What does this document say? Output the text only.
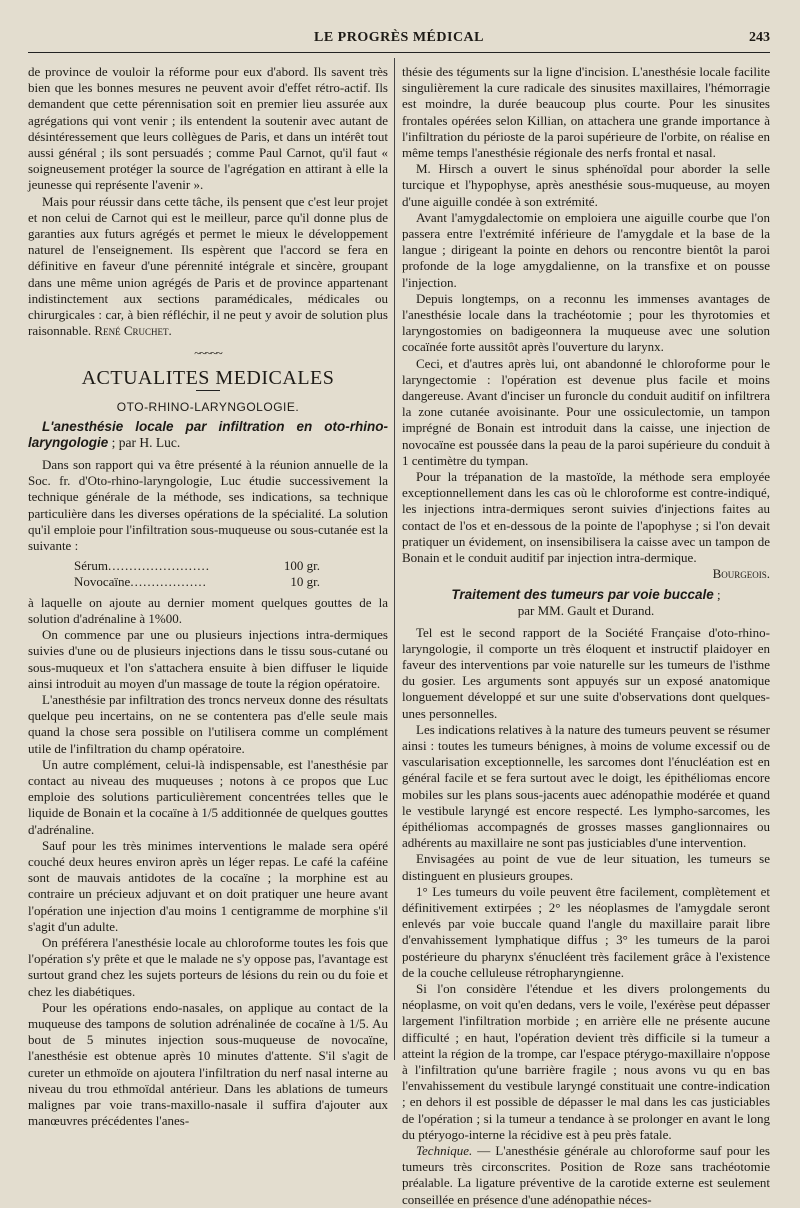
LE PROGRÈS MÉDICAL	243

de province de vouloir la réforme pour eux d'abord. Ils savent très bien que les bonnes mesures ne peuvent avoir d'effet rétro-actif. Ils demandent que cette pérennisation soit en premier lieu assurée aux agrégations qui vont venir ; ils entendent la soutenir avec autant de désintéressement que leurs collègues de Paris, et dans un intérêt tout aussi général ; ils sont persuadés ; comme Paul Carnot, qu'il faut « soigneusement protéger la source de l'agrégation en attirant à elle la jeunesse qui représente l'avenir ».

Mais pour réussir dans cette tâche, ils pensent que c'est leur projet et non celui de Carnot qui est le meilleur, parce qu'il donne plus de garanties aux futurs agrégés et permet le mieux le développement naturel de l'enseignement. Ils espèrent que l'accord se fera en définitive en faveur d'une pérennité intégrale et sincère, groupant dans une même union agrégés de Paris et de province appartenant indistinctement aux sections paramédicales, médicales ou chirurgicales : car, à bien réfléchir, il ne peut y avoir de solution plus raisonnable. René Cruchet.

~~~~~
ACTUALITES MEDICALES
OTO-RHINO-LARYNGOLOGIE.

L'anesthésie locale par infiltration en oto-rhino-laryngologie ; par H. Luc.

Dans son rapport qui va être présenté à la réunion annuelle de la Soc. fr. d'Oto-rhino-laryngologie, Luc étudie successivement la technique générale de la méthode, ses indications, sa technique particulière dans les diverses opérations de la spécialité. La solution qu'il emploie pour l'infiltration sous-muqueuse ou sous-cutanée est la suivante :

Sérum........................	100 gr.
Novocaïne..................	10 gr.

à laquelle on ajoute au dernier moment quelques gouttes de la solution d'adrénaline à 1%00.

On commence par une ou plusieurs injections intra-dermiques suivies d'une ou de plusieurs injections dans le tissu sous-cutané ou sous-muqueux et l'on s'attachera ensuite à bien diffuser le liquide ainsi introduit au moyen d'un massage de toute la région opératoire.

L'anesthésie par infiltration des troncs nerveux donne des résultats quelque peu incertains, on ne se contentera pas d'elle seule mais quand la chose sera possible on l'utilisera comme un complément utile de l'infiltration du champ opératoire.

Un autre complément, celui-là indispensable, est l'anesthésie par contact au niveau des muqueuses ; notons à ce propos que Luc emploie des solutions particulièrement concentrées telles que le liquide de Bonain et la cocaïne à 1/5 additionnée de quelques gouttes d'adrénaline.

Sauf pour les très minimes interventions le malade sera opéré couché deux heures environ après un léger repas. Le café la caféine sont de mauvais antidotes de la cocaïne ; la morphine est au contraire un précieux adjuvant et on doit pratiquer une heure avant l'opération une injection d'au moins 1 centigramme de morphine s'il s'agit d'un adulte.

On préférera l'anesthésie locale au chloroforme toutes les fois que l'opération s'y prête et que le malade ne s'y oppose pas, l'avantage est surtout grand chez les sujets porteurs de lésions du rein ou du foie et chez les diabétiques.

Pour les opérations endo-nasales, on applique au contact de la muqueuse des tampons de solution adrénalinée de cocaïne à 1/5. Au bout de 5 minutes injection sous-muqueuse de novocaïne, l'anesthésie est obtenue après 10 minutes d'attente. S'il s'agit de cureter un ethmoïde on ajoutera l'infiltration du nerf nasal interne au niveau du trou ethmoïdal antérieur. Dans les ablations de tumeurs malignes par voie trans-maxillo-nasale il suffira d'ajouter aux manœuvres précédentes l'anes-

thésie des téguments sur la ligne d'incision. L'anesthésie locale facilite singulièrement la cure radicale des sinusites maxillaires, l'hémorragie est moindre, la durée beaucoup plus courte. Pour les sinusites frontales opérées selon Killian, on attachera une grande importance à l'infiltration du périoste de la paroi supérieure de l'orbite, on réalise en même temps l'anesthésie régionale des nerfs frontal et nasal.

M. Hirsch a ouvert le sinus sphénoïdal pour aborder la selle turcique et l'hypophyse, après anesthésie sous-muqueuse, au moyen d'une aiguille condée à son extrémité.

Avant l'amygdalectomie on emploiera une aiguille courbe que l'on passera entre l'extrémité inférieure de l'amygdale et la base de la langue ; dirigeant la pointe en dehors ou rencontre bientôt la paroi profonde de la loge amygdalienne, on la transfixe et on pousse l'injection.

Depuis longtemps, on a reconnu les immenses avantages de l'anesthésie locale dans la trachéotomie ; pour les thyrotomies et laryngostomies on badigeonnera la muqueuse avec une solution cocaïnée forte aussitôt après l'ouverture du larynx.

Ceci, et d'autres après lui, ont abandonné le chloroforme pour le laryngectomie : l'opération est devenue plus facile et moins dangereuse. Avant d'inciser un furoncle du conduit auditif on infiltrera la zone cutanée avoisinante. Pour une ossiculectomie, un tampon imprégné de Bonain est introduit dans la caisse, une injection de novocaïne est poussée dans la peau de la paroi supérieure du conduit à 1 centimètre du tympan.

Pour la trépanation de la mastoïde, la méthode sera employée exceptionnellement dans les cas où le chloroforme est contre-indiqué, les injections intra-dermiques seront suivies d'injections faites au contact de l'os et en-dessous de la pointe de l'apophyse ; si l'on devait pratiquer un évidement, on insensibilisera la caisse avec un tampon de Bonain et le conduit auditif par injection intra-dermique.

Bourgeois.

Traitement des tumeurs par voie buccale ;
par MM. Gault et Durand.

Tel est le second rapport de la Société Française d'oto-rhino-laryngologie, il comporte un très éloquent et instructif plaidoyer en faveur des interventions par voie naturelle sur les tumeurs de l'isthme du gosier. Les arguments sont appuyés sur un exposé anatomique longuement développé et sur une suite d'observations dont quelques-unes personnelles.

Les indications relatives à la nature des tumeurs peuvent se résumer ainsi : toutes les tumeurs bénignes, à moins de volume excessif ou de vascularisation exceptionnelle, les sarcomes dont l'énucléation est en général facile et se fera surtout avec le doigt, les épithéliomas encore mobiles sur les plans sous-jacents auec adénopathie modérée et quand le vestibule laryngé est encore respecté. Les lympho-sarcomes, les épithéliomas accompagnés de grosses masses ganglionnaires ou adhérents au maxillaire ne sont pas justiciables d'une intervention.

Envisagées au point de vue de leur situation, les tumeurs se distinguent en plusieurs groupes.

1° Les tumeurs du voile peuvent être facilement, complètement et définitivement extirpées ; 2° les néoplasmes de l'amygdale seront enlevés par voie buccale quand l'angle du maxillaire parait libre d'envahissement lymphatique diffus ; 3° les tumeurs de la paroi postérieure du pharynx s'énucléent très facilement grâce à l'existence de la couche celluleuse rétropharyngienne.

Si l'on considère l'étendue et les divers prolongements du néoplasme, on voit qu'en dedans, vers le voile, l'exérèse peut dépasser largement l'infiltration morbide ; en arrière elle ne présente aucune difficulté ; en haut, l'opération devient très difficile si la tumeur a atteint la région de la trompe, car l'espace ptérygo-maxillaire n'oppose à l'infiltration qu'une barrière fragile ; nous avons vu qu en bas l'envahissement du vestibule laryngé constituait une contre-indication ; en dehors il est possible de dépasser le mal dans les cas justiciables de l'opération ; si la tumeur a tendance à se prolonger en avant le long du ptéryogo-interne la récidive est à peu près fatale.

Technique. — L'anesthésie générale au chloroforme sauf pour les tumeurs très circonscrites. Position de Roze sans trachéotomie préalable. La ligature préventive de la carotide externe est seulement conseillée en présence d'une adénopathie néces-
